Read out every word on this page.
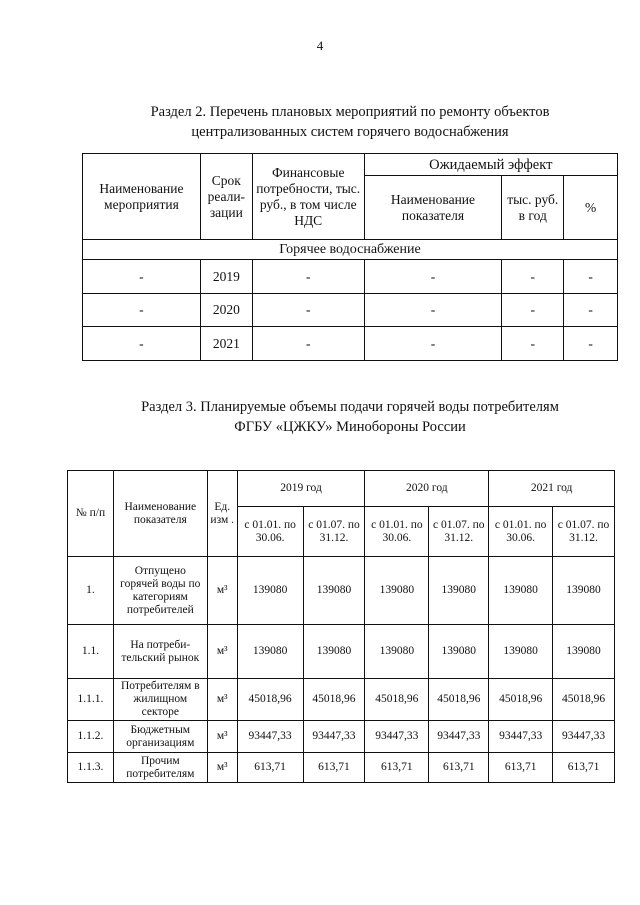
4
Раздел 2. Перечень плановых мероприятий по ремонту объектов
централизованных систем горячего водоснабжения
Наименование мероприятия	Срок реали-зации	Финансовые потребности, тыс. руб., в том числе НДС	Ожидаемый эффект		
			Наименование показателя	тыс. руб. в год	%
Горячее водоснабжение					
-	2019	-	-	-	-
-	2020	-	-	-	-
-	2021	-	-	-	-
Раздел 3. Планируемые объемы подачи горячей воды потребителям
ФГБУ «ЦЖКУ» Минобороны России
№ п/п	Наименование показателя	Ед. изм .	2019 год		2020 год		2021 год	
			с 01.01. по 30.06.	с 01.07. по 31.12.	с 01.01. по 30.06.	с 01.07. по 31.12.	с 01.01. по 30.06.	с 01.07. по 31.12.
1.	Отпущено горячей воды по категориям потребителей	м³	139080	139080	139080	139080	139080	139080
1.1.	На потреби-тельский рынок	м³	139080	139080	139080	139080	139080	139080
1.1.1.	Потребителям в жилищном секторе	м³	45018,96	45018,96	45018,96	45018,96	45018,96	45018,96
1.1.2.	Бюджетным организациям	м³	93447,33	93447,33	93447,33	93447,33	93447,33	93447,33
1.1.3.	Прочим потребителям	м³	613,71	613,71	613,71	613,71	613,71	613,71
